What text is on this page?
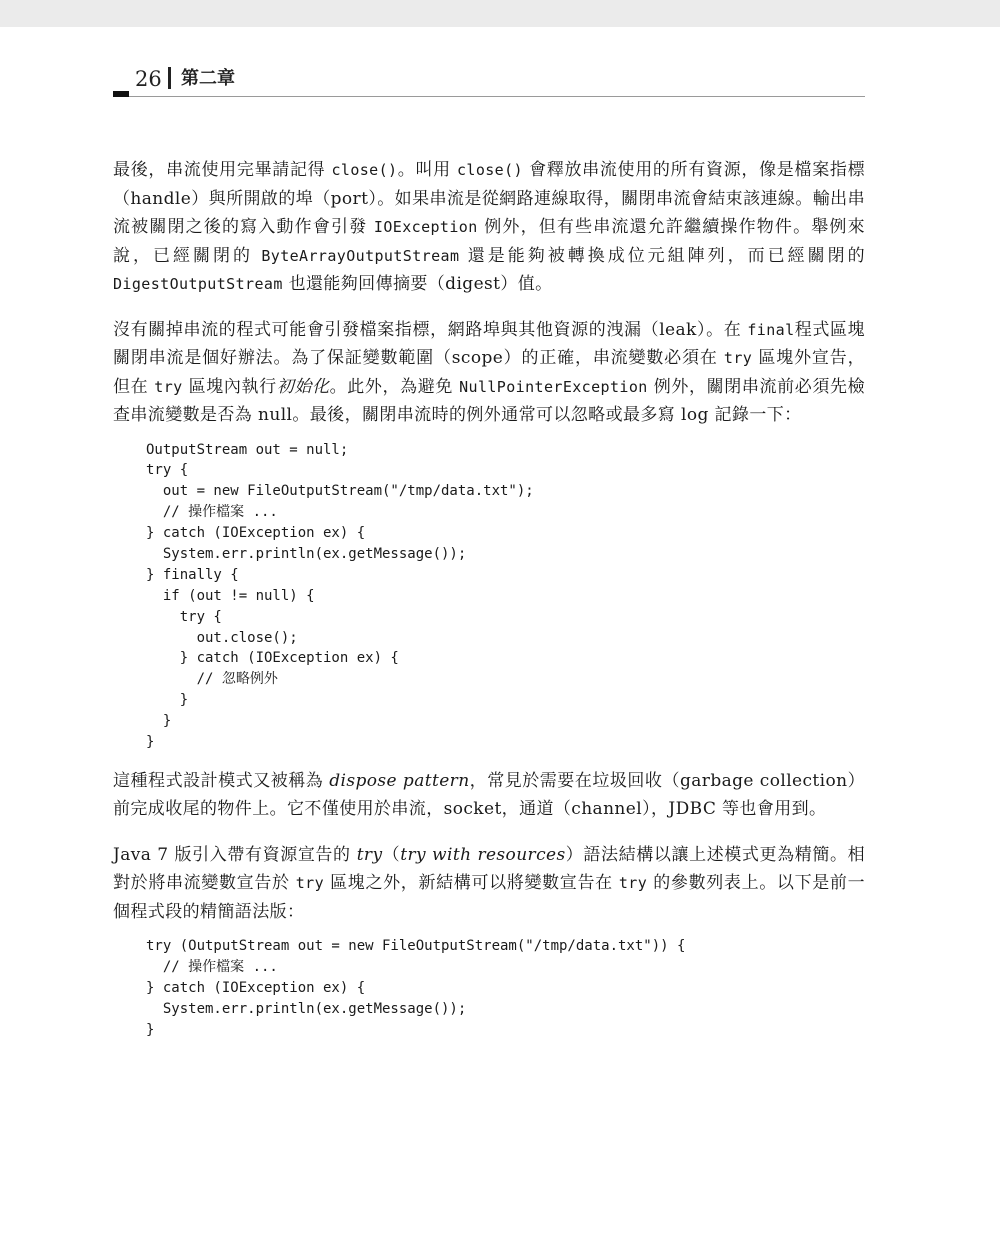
26 第二章

最後，串流使用完畢請記得 close()。叫用 close() 會釋放串流使用的所有資源，像是檔案指標（handle）與所開啟的埠（port）。如果串流是從網路連線取得，關閉串流會結束該連線。輸出串流被關閉之後的寫入動作會引發 IOException 例外，但有些串流還允許繼續操作物件。舉例來說，已經關閉的 ByteArrayOutputStream 還是能夠被轉換成位元組陣列，而已經關閉的 DigestOutputStream 也還能夠回傳摘要（digest）值。

沒有關掉串流的程式可能會引發檔案指標，網路埠與其他資源的洩漏（leak）。在 final程式區塊關閉串流是個好辦法。為了保証變數範圍（scope）的正確，串流變數必須在 try 區塊外宣告，但在 try 區塊內執行初始化。此外，為避免 NullPointerException 例外，關閉串流前必須先檢查串流變數是否為 null。最後，關閉串流時的例外通常可以忽略或最多寫 log 記錄一下：

OutputStream out = null;
try {
out = new FileOutputStream("/tmp/data.txt");
// 操作檔案 ...
} catch (IOException ex) {
System.err.println(ex.getMessage());
} finally {
if (out != null) {
try {
out.close();
} catch (IOException ex) {
// 忽略例外
}
}
}

這種程式設計模式又被稱為 dispose pattern，常見於需要在垃圾回收（garbage collection）前完成收尾的物件上。它不僅使用於串流，socket，通道（channel），JDBC 等也會用到。

Java 7 版引入帶有資源宣告的 try（try with resources）語法結構以讓上述模式更為精簡。相對於將串流變數宣告於 try 區塊之外，新結構可以將變數宣告在 try 的參數列表上。以下是前一個程式段的精簡語法版：

try (OutputStream out = new FileOutputStream("/tmp/data.txt")) {
// 操作檔案 ...
} catch (IOException ex) {
System.err.println(ex.getMessage());
}
